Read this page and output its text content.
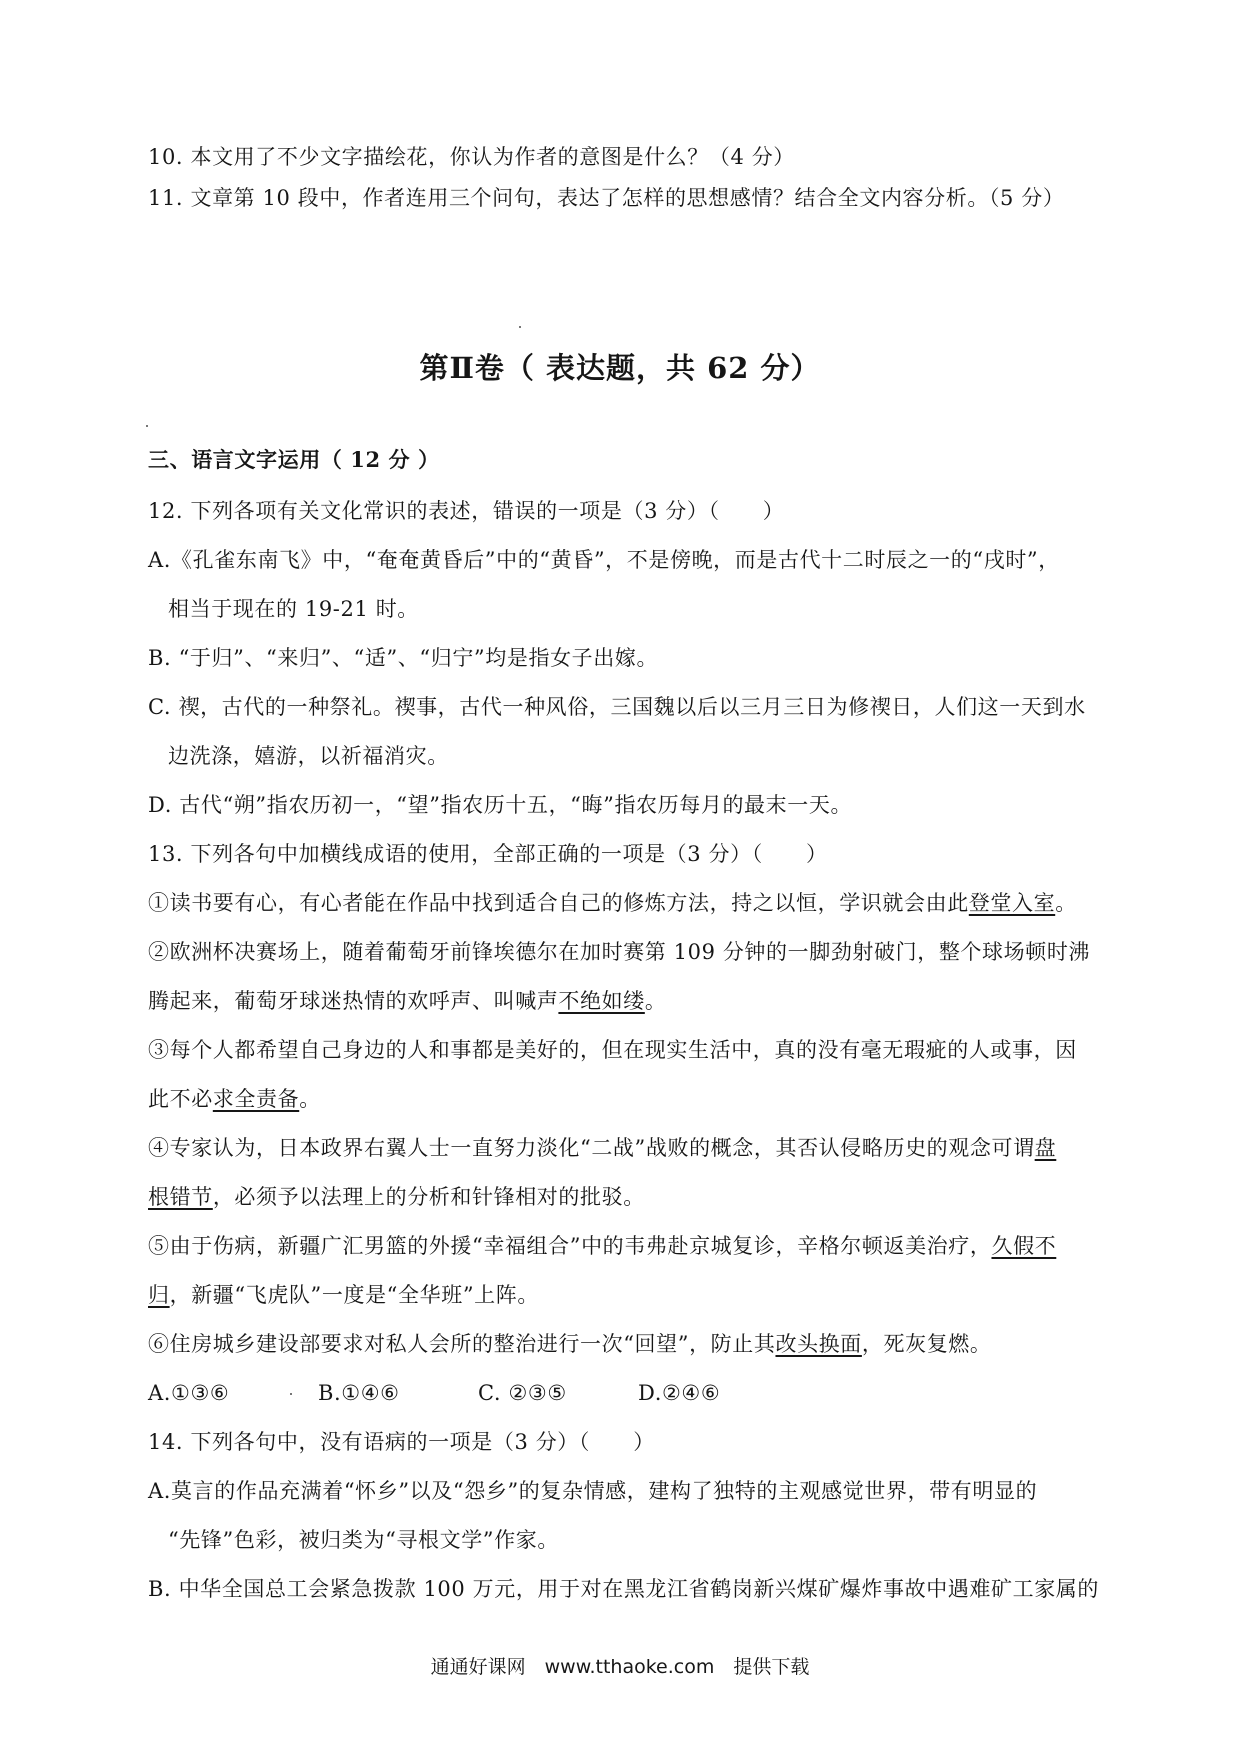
10. 本文用了不少文字描绘花，你认为作者的意图是什么？（4 分）
11. 文章第 10 段中，作者连用三个问句，表达了怎样的思想感情？结合全文内容分析。（5 分）
第Ⅱ卷（ 表达题，共 62 分）
三、语言文字运用（ 12 分 ）
12. 下列各项有关文化常识的表述，错误的一项是（3 分）（　　）
A.《孔雀东南飞》中，“奄奄黄昏后”中的“黄昏”，不是傍晚，而是古代十二时辰之一的“戌时”，
相当于现在的 19-21 时。
B. “于归”、“来归”、“适”、“归宁”均是指女子出嫁。
C. 禊，古代的一种祭礼。禊事，古代一种风俗，三国魏以后以三月三日为修禊日，人们这一天到水
边洗涤，嬉游，以祈福消灾。
D. 古代“朔”指农历初一，“望”指农历十五，“晦”指农历每月的最末一天。
13. 下列各句中加横线成语的使用，全部正确的一项是（3 分）（　　）
①读书要有心，有心者能在作品中找到适合自己的修炼方法，持之以恒，学识就会由此登堂入室。
②欧洲杯决赛场上，随着葡萄牙前锋埃德尔在加时赛第 109 分钟的一脚劲射破门，整个球场顿时沸
腾起来，葡萄牙球迷热情的欢呼声、叫喊声不绝如缕。
③每个人都希望自己身边的人和事都是美好的，但在现实生活中，真的没有毫无瑕疵的人或事，因
此不必求全责备。
④专家认为，日本政界右翼人士一直努力淡化“二战”战败的概念，其否认侵略历史的观念可谓盘
根错节，必须予以法理上的分析和针锋相对的批驳。
⑤由于伤病，新疆广汇男篮的外援“幸福组合”中的韦弗赴京城复诊，辛格尔顿返美治疗，久假不
归，新疆“飞虎队”一度是“全华班”上阵。
⑥住房城乡建设部要求对私人会所的整治进行一次“回望”，防止其改头换面，死灰复燃。
A.①③⑥	B.①④⑥	C. ②③⑤	D.②④⑥
14. 下列各句中，没有语病的一项是（3 分）（　　）
A.莫言的作品充满着“怀乡”以及“怨乡”的复杂情感，建构了独特的主观感觉世界，带有明显的
“先锋”色彩，被归类为“寻根文学”作家。
B. 中华全国总工会紧急拨款 100 万元，用于对在黑龙江省鹤岗新兴煤矿爆炸事故中遇难矿工家属的
通通好课网　www.tthaoke.com　提供下载
